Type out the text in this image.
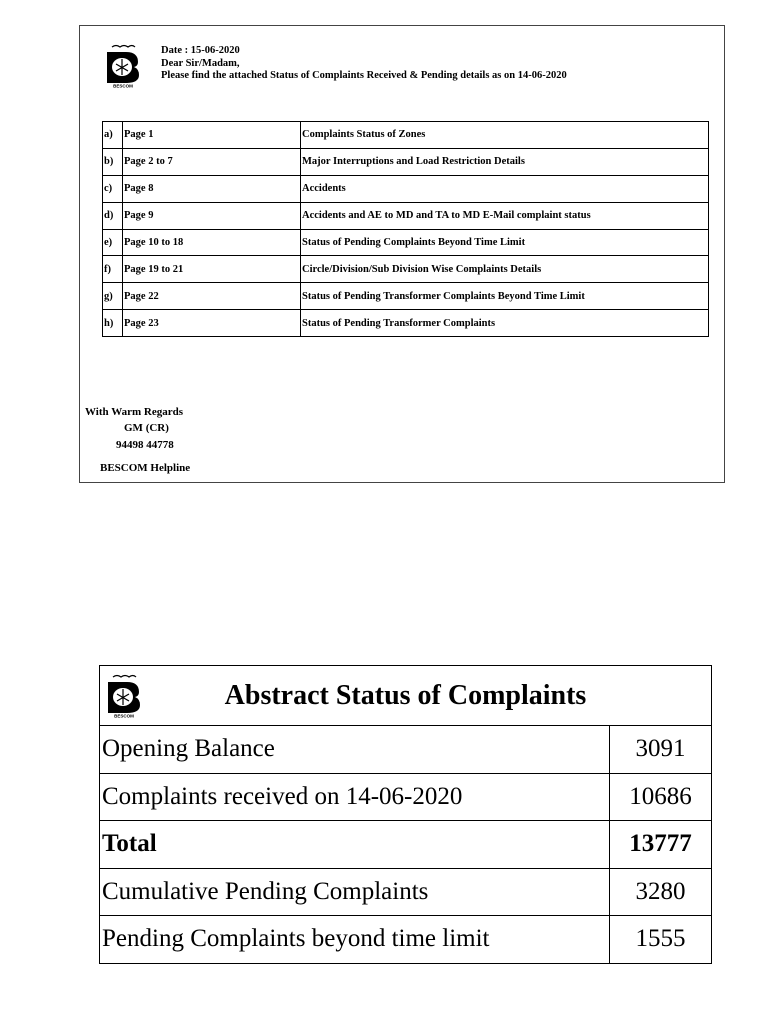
BESCOM
Date : 15-06-2020
Dear Sir/Madam,
Please find the attached Status of Complaints Received & Pending details as on 14-06-2020
a)	Page 1	Complaints Status of Zones
b)	Page 2 to 7	Major Interruptions and Load Restriction Details
c)	Page 8	Accidents
d)	Page 9	Accidents and AE to MD and TA to MD E-Mail complaint status
e)	Page 10 to 18	Status of Pending Complaints Beyond Time Limit
f)	Page 19 to 21	Circle/Division/Sub Division Wise Complaints Details
g)	Page 22	Status of Pending Transformer Complaints Beyond Time Limit
h)	Page 23	Status of Pending Transformer Complaints
With Warm Regards
GM (CR)
94498 44778
BESCOM Helpline
BESCOM
Abstract Status of Complaints	

Opening Balance	3091
Complaints received on 14-06-2020	10686
Total	13777
Cumulative Pending Complaints	3280
Pending Complaints beyond time limit	1555
